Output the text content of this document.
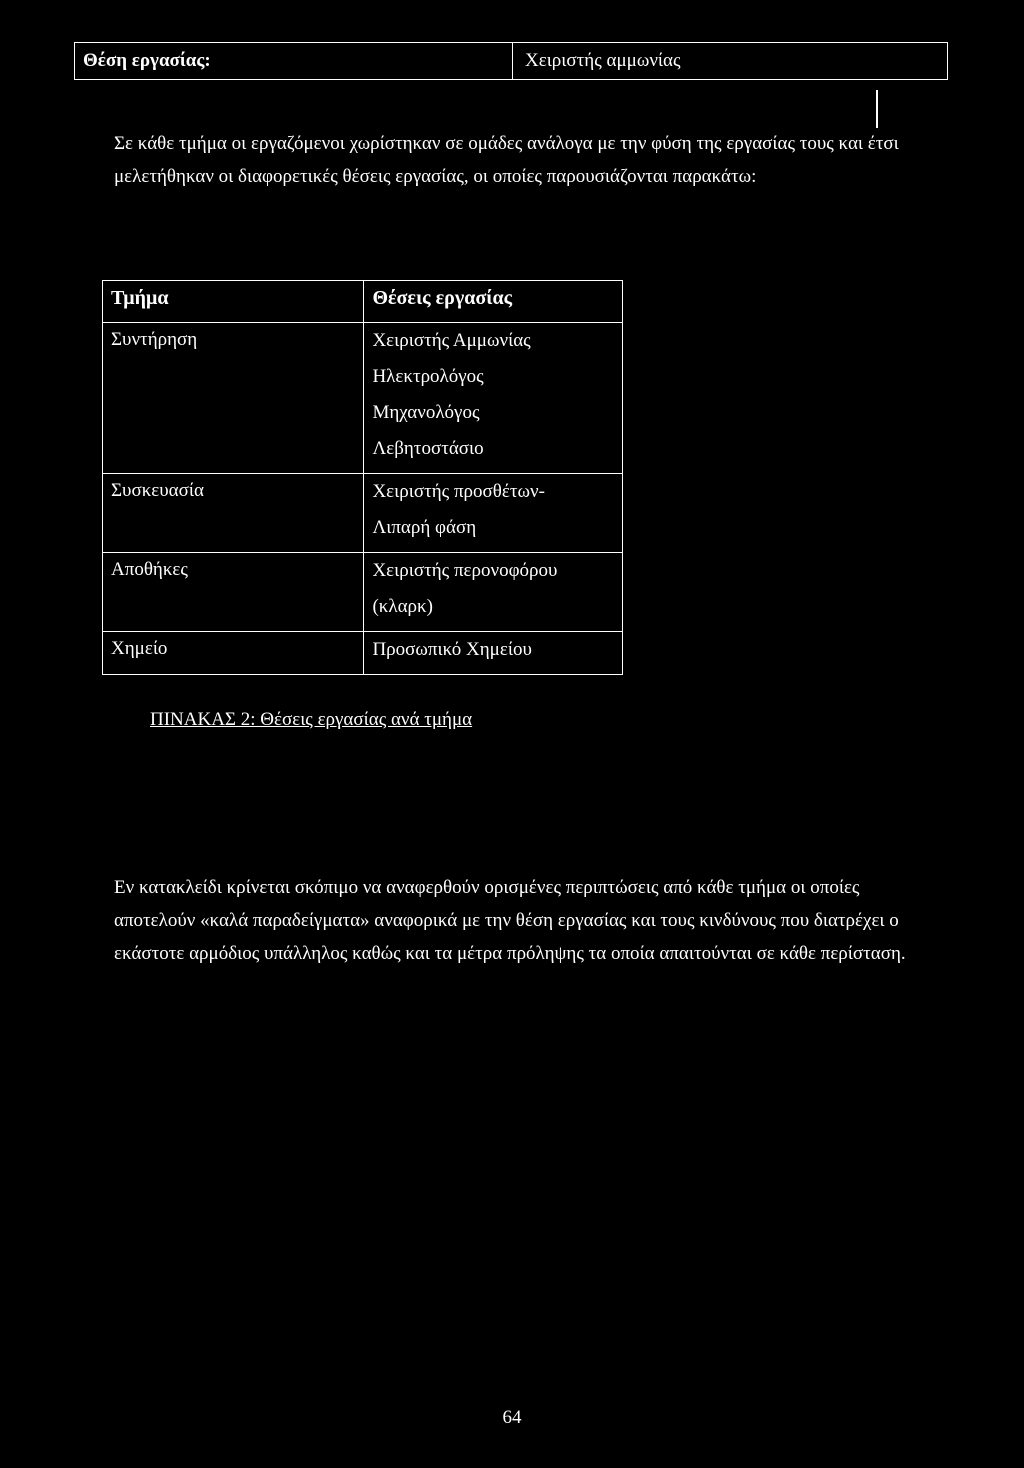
Θέση εργασίας:	Χειριστής αμμωνίας

Σε κάθε τμήμα οι εργαζόμενοι χωρίστηκαν σε ομάδες ανάλογα με την φύση της εργασίας τους και έτσι μελετήθηκαν οι διαφορετικές θέσεις εργασίας, οι οποίες παρουσιάζονται παρακάτω:

Τμήμα	Θέσεις εργασίας
Συντήρηση	Χειριστής Αμμωνίας
Ηλεκτρολόγος
Μηχανολόγος
Λεβητοστάσιο

Συσκευασία	Χειριστής προσθέτων-
Λιπαρή φάση

Αποθήκες	Χειριστής περονοφόρου
(κλαρκ)

Χημείο	Προσωπικό Χημείου

ΠΙΝΑΚΑΣ 2: Θέσεις εργασίας ανά τμήμα

Εν κατακλείδι κρίνεται σκόπιμο να αναφερθούν ορισμένες περιπτώσεις από κάθε τμήμα οι οποίες αποτελούν «καλά παραδείγματα» αναφορικά με την θέση εργασίας και τους κινδύνους που διατρέχει ο εκάστοτε αρμόδιος υπάλληλος καθώς και τα μέτρα πρόληψης τα οποία απαιτούνται σε κάθε περίσταση.

64
